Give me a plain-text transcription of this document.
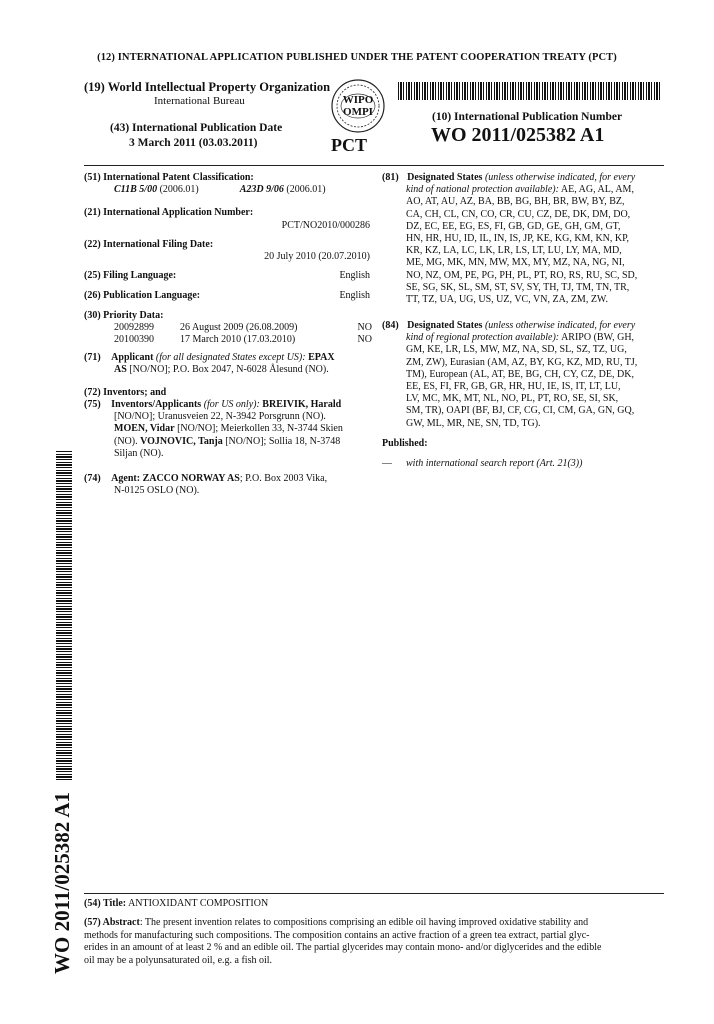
(12) INTERNATIONAL APPLICATION PUBLISHED UNDER THE PATENT COOPERATION TREATY (PCT)
(19) World Intellectual Property Organization
International Bureau	WIPO
OMPI
(43) International Publication Date
3 March 2011 (03.03.2011)	PCT
(10) International Publication Number
WO 2011/025382 A1
(51) International Patent Classification:
C11B 5/00 (2006.01)	A23D 9/06 (2006.01)
(21) International Application Number:
PCT/NO2010/000286
(22) International Filing Date:
20 July 2010 (20.07.2010)
(25) Filing Language:	English
(26) Publication Language:	English
(30) Priority Data:
20092899	26 August 2009 (26.08.2009)	NO
20100390	17 March 2010 (17.03.2010)	NO
(71) Applicant (for all designated States except US): EPAX
AS [NO/NO]; P.O. Box 2047, N-6028 Ålesund (NO).
(72) Inventors; and
(75) Inventors/Applicants (for US only): BREIVIK, Harald
[NO/NO]; Uranusveien 22, N-3942 Porsgrunn (NO).
MOEN, Vidar [NO/NO]; Meierkollen 33, N-3744 Skien
(NO). VOJNOVIC, Tanja [NO/NO]; Sollia 18, N-3748
Siljan (NO).
(74) Agent: ZACCO NORWAY AS; P.O. Box 2003 Vika,
N-0125 OSLO (NO).
(81) Designated States (unless otherwise indicated, for every
kind of national protection available): AE, AG, AL, AM,
AO, AT, AU, AZ, BA, BB, BG, BH, BR, BW, BY, BZ,
CA, CH, CL, CN, CO, CR, CU, CZ, DE, DK, DM, DO,
DZ, EC, EE, EG, ES, FI, GB, GD, GE, GH, GM, GT,
HN, HR, HU, ID, IL, IN, IS, JP, KE, KG, KM, KN, KP,
KR, KZ, LA, LC, LK, LR, LS, LT, LU, LY, MA, MD,
ME, MG, MK, MN, MW, MX, MY, MZ, NA, NG, NI,
NO, NZ, OM, PE, PG, PH, PL, PT, RO, RS, RU, SC, SD,
SE, SG, SK, SL, SM, ST, SV, SY, TH, TJ, TM, TN, TR,
TT, TZ, UA, UG, US, UZ, VC, VN, ZA, ZM, ZW.
(84) Designated States (unless otherwise indicated, for every
kind of regional protection available): ARIPO (BW, GH,
GM, KE, LR, LS, MW, MZ, NA, SD, SL, SZ, TZ, UG,
ZM, ZW), Eurasian (AM, AZ, BY, KG, KZ, MD, RU, TJ,
TM), European (AL, AT, BE, BG, CH, CY, CZ, DE, DK,
EE, ES, FI, FR, GB, GR, HR, HU, IE, IS, IT, LT, LU,
LV, MC, MK, MT, NL, NO, PL, PT, RO, SE, SI, SK,
SM, TR), OAPI (BF, BJ, CF, CG, CI, CM, GA, GN, GQ,
GW, ML, MR, NE, SN, TD, TG).
Published:
— with international search report (Art. 21(3))
WO 2011/025382 A1 (54) Title: ANTIOXIDANT COMPOSITION
(57) Abstract: The present invention relates to compositions comprising an edible oil having improved oxidative stability and
methods for manufacturing such compositions. The composition contains an active fraction of a green tea extract, partial glyc-
erides in an amount of at least 2 % and an edible oil. The partial glycerides may contain mono- and/or diglycerides and the edible
oil may be a polyunsaturated oil, e.g. a fish oil.
